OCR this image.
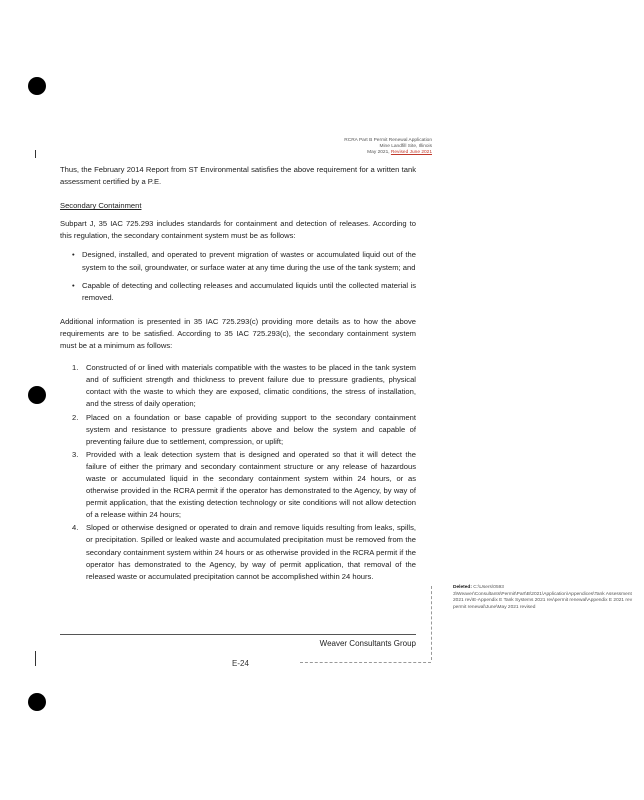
RCRA Part B Permit Renewal Application
Mine Landfill Site, Illinois
May 2021, Revised June 2021

Thus, the February 2014 Report from ST Environmental satisfies the above requirement for a written tank assessment certified by a P.E.

Secondary Containment

Subpart J, 35 IAC 725.293 includes standards for containment and detection of releases. According to this regulation, the secondary containment system must be as follows:

• Designed, installed, and operated to prevent migration of wastes or accumulated liquid out of the system to the soil, groundwater, or surface water at any time during the use of the tank system; and
• Capable of detecting and collecting releases and accumulated liquids until the collected material is removed.

Additional information is presented in 35 IAC 725.293(c) providing more details as to how the above requirements are to be satisfied. According to 35 IAC 725.293(c), the secondary containment system must be at a minimum as follows:

1. Constructed of or lined with materials compatible with the wastes to be placed in the tank system and of sufficient strength and thickness to prevent failure due to pressure gradients, physical contact with the waste to which they are exposed, climatic conditions, the stress of installation, and the stress of daily operation;
2. Placed on a foundation or base capable of providing support to the secondary containment system and resistance to pressure gradients above and below the system and capable of preventing failure due to settlement, compression, or uplift;
3. Provided with a leak detection system that is designed and operated so that it will detect the failure of either the primary and secondary containment structure or any release of hazardous waste or accumulated liquid in the secondary containment system within 24 hours, or as otherwise provided in the RCRA permit if the operator has demonstrated to the Agency, by way of permit application, that the existing detection technology or site conditions will not allow detection of a release within 24 hours;
4. Sloped or otherwise designed or operated to drain and remove liquids resulting from leaks, spills, or precipitation. Spilled or leaked waste and accumulated precipitation must be removed from the secondary containment system within 24 hours or as otherwise provided in the RCRA permit if the operator has demonstrated to the Agency, by way of permit application, that removal of the released waste or accumulated precipitation cannot be accomplished within 24 hours.
Weaver Consultants Group
E-24
Deleted: C:\Users\0593 3\Weaver\Consultants\Permit\Part\B\2021\Application\Appendices\Tank Assessment 2021 rev\E-Appendix E Tank Systems 2021 rev\permit renewal\Appendix E 2021 rev permit renewal\June\May 2021 revised
